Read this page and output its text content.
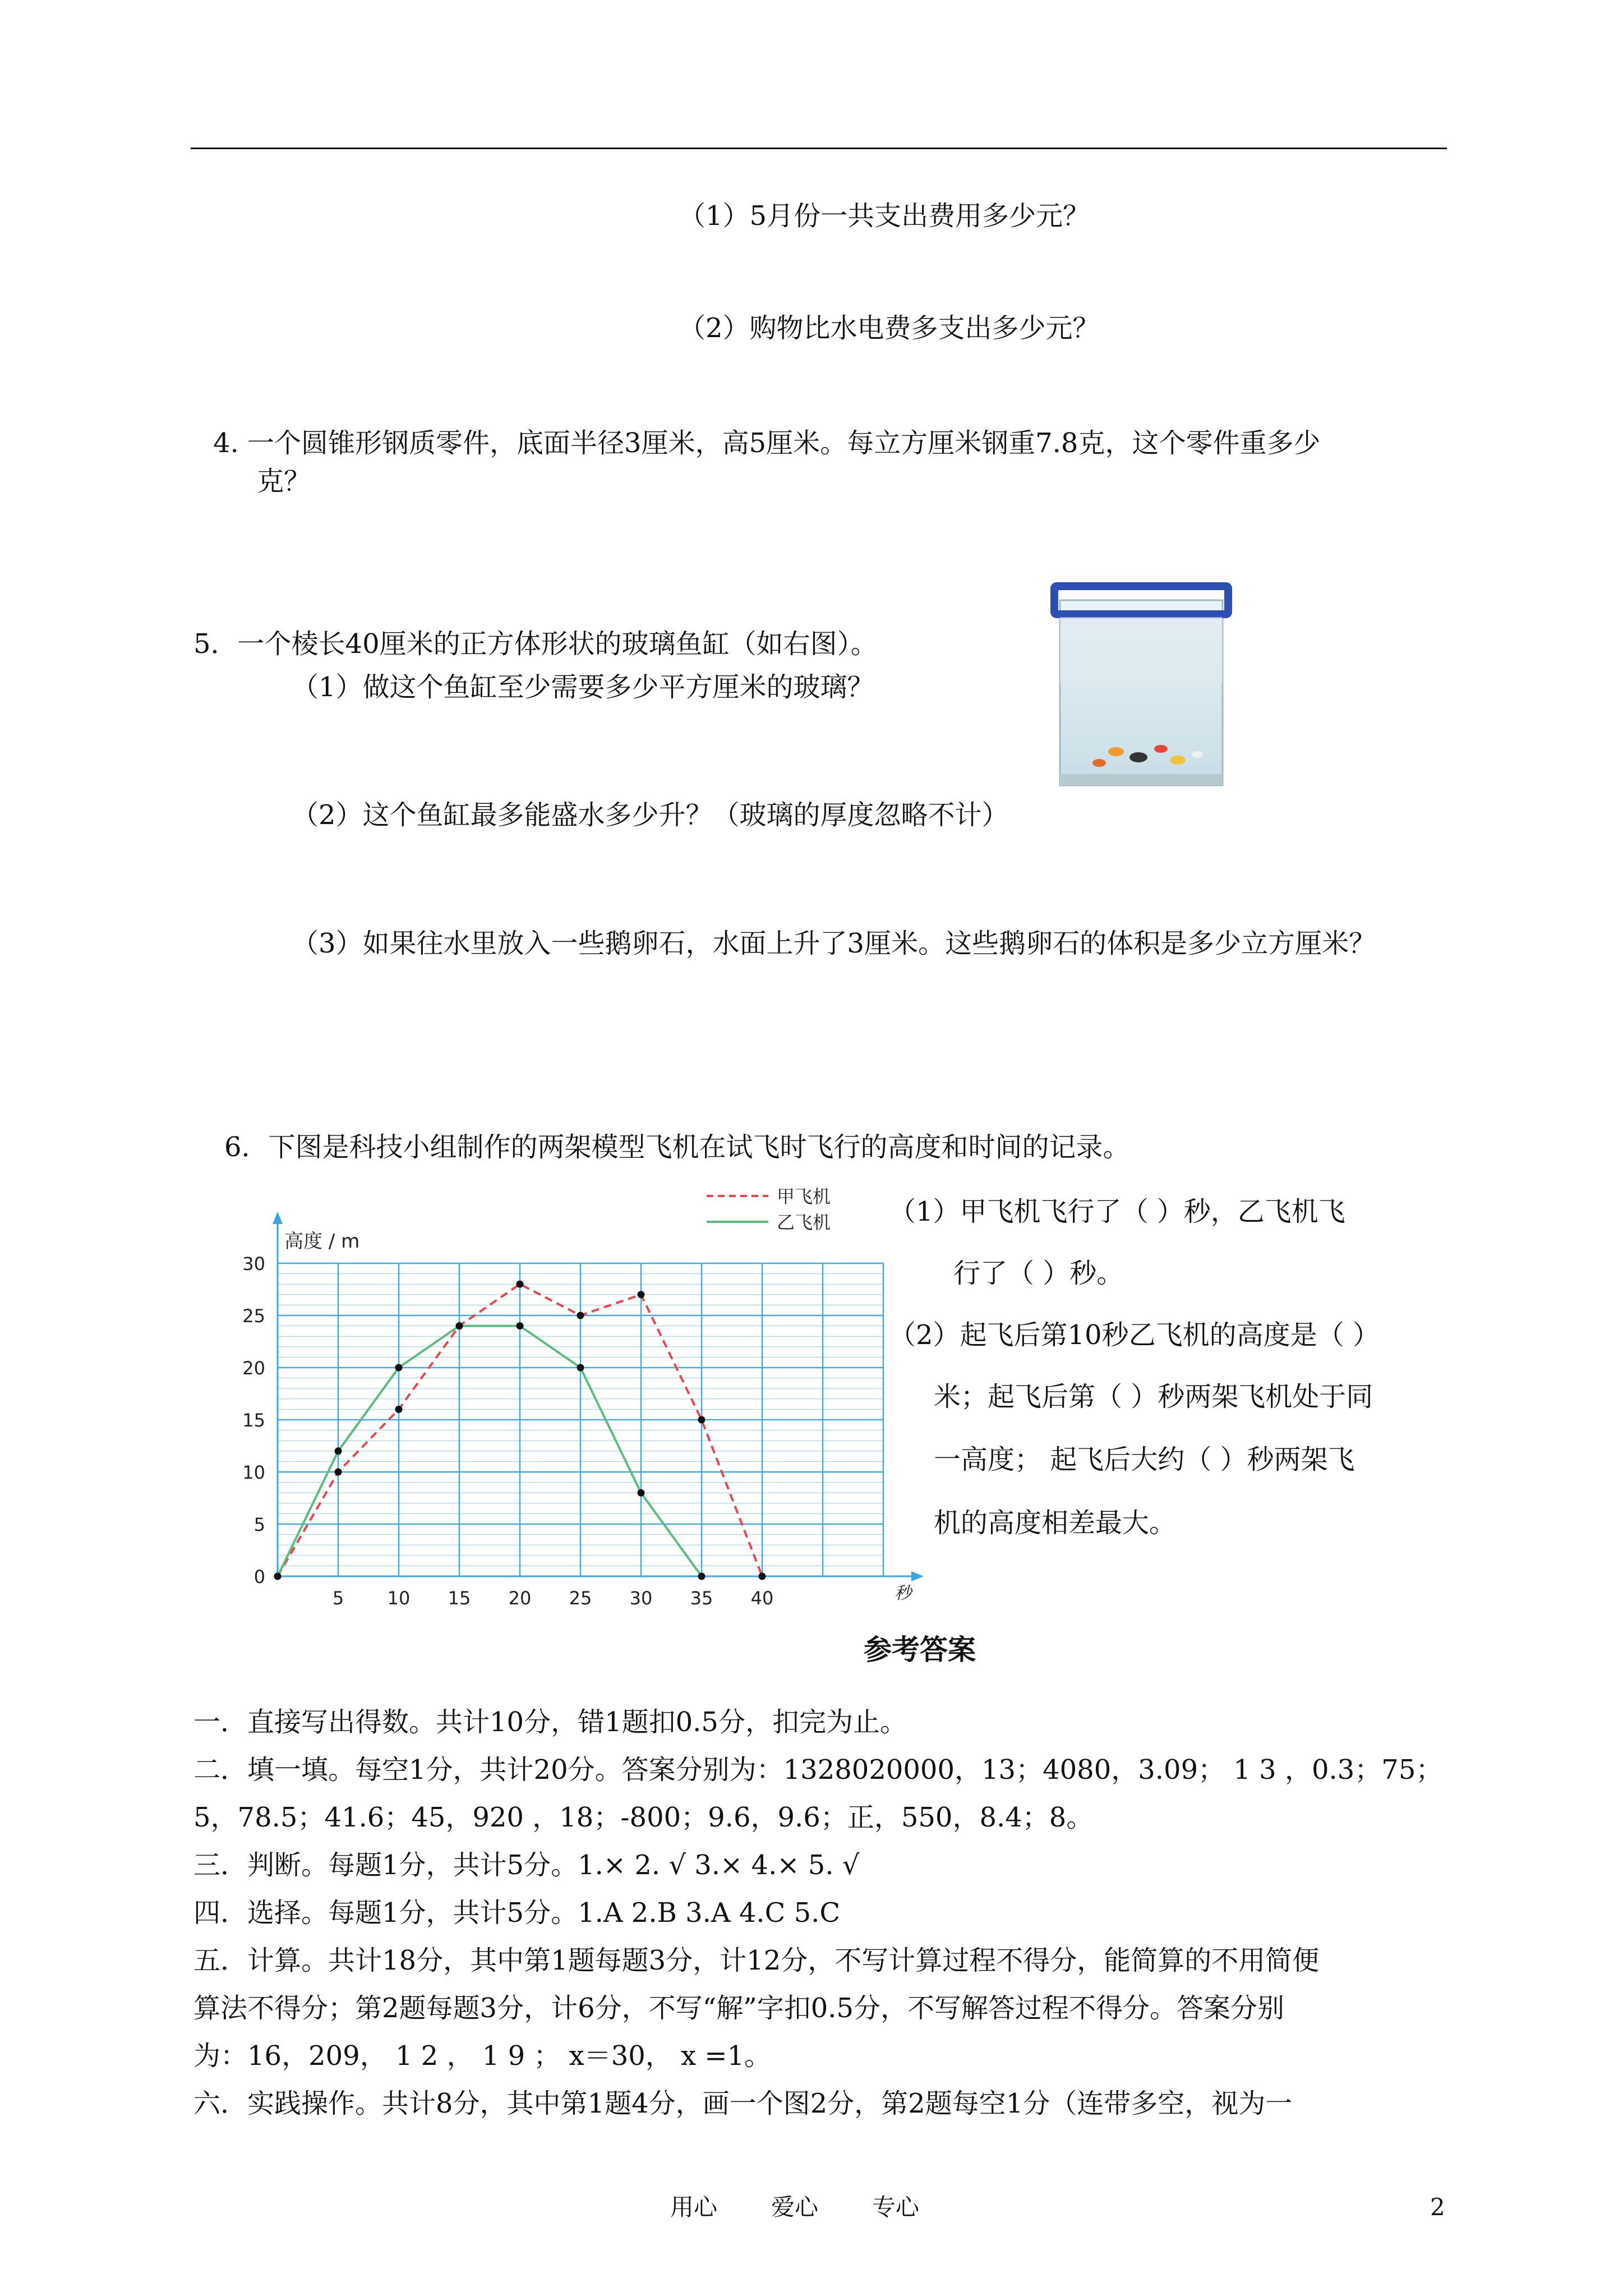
（1）5月份一共支出费用多少元？
（2）购物比水电费多支出多少元？
4. 一个圆锥形钢质零件，底面半径3厘米，高5厘米。每立方厘米钢重7.8克，这个零件重多少
克？
5．一个棱长40厘米的正方体形状的玻璃鱼缸（如右图）。
（1）做这个鱼缸至少需要多少平方厘米的玻璃？
（2）这个鱼缸最多能盛水多少升？（玻璃的厚度忽略不计）
（3）如果往水里放入一些鹅卵石，水面上升了3厘米。这些鹅卵石的体积是多少立方厘米？
6．下图是科技小组制作的两架模型飞机在试飞时飞行的高度和时间的记录。
（1）甲飞机飞行了（ ）秒，乙飞机飞
行了（ ）秒。
（2）起飞后第10秒乙飞机的高度是（ ）
米；起飞后第（ ）秒两架飞机处于同
一高度； 起飞后大约（ ）秒两架飞
机的高度相差最大。
0
5
10
15
20
25
30
5 10 15 20 25 30 35 40
高度 / m
秒
甲飞机
乙飞机
参考答案
一．直接写出得数。共计10分，错1题扣0.5分，扣完为止。
二．填一填。每空1分，共计20分。答案分别为：1328020000，13；4080，3.09； 1 3 ，0.3；75；
5，78.5；41.6；45，920 ，18；-800；9.6，9.6；正，550，8.4；8。
三．判断。每题1分，共计5分。1.× 2. √ 3.× 4.× 5. √
四．选择。每题1分，共计5分。1.A 2.B 3.A 4.C 5.C
五．计算。共计18分，其中第1题每题3分，计12分，不写计算过程不得分，能简算的不用简便
算法不得分；第2题每题3分，计6分，不写“解”字扣0.5分，不写解答过程不得分。答案分别
为：16，209， 1 2 ， 1 9 ； x＝30， x =1。
六．实践操作。共计8分，其中第1题4分，画一个图2分，第2题每空1分（连带多空，视为一
用心 爱心 专心	2
